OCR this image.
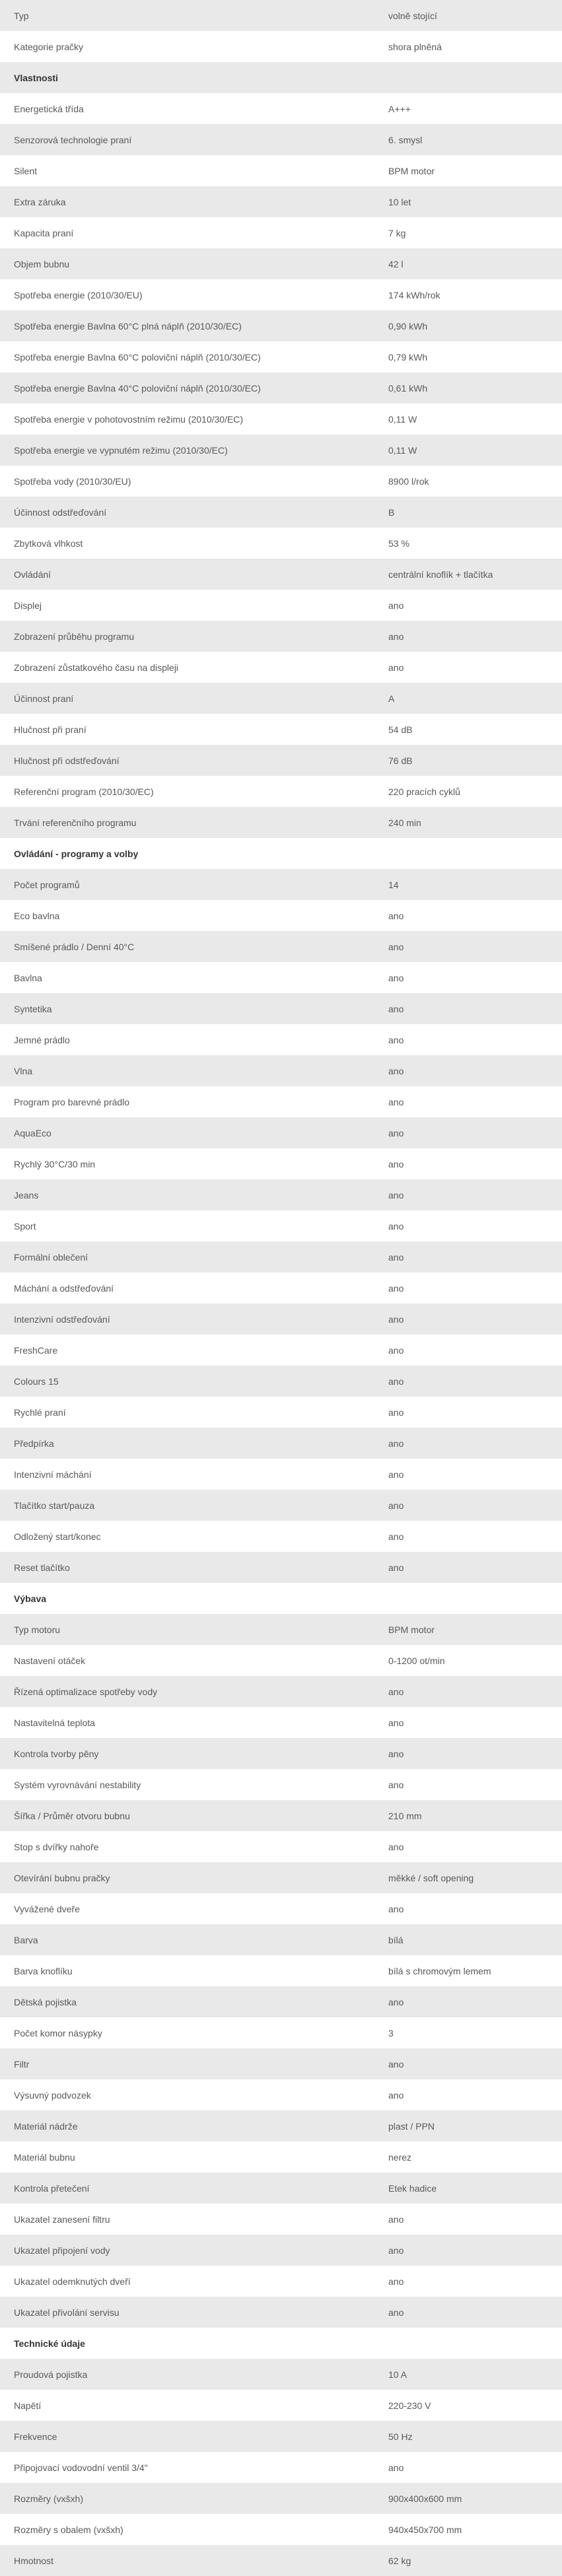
Typ	volně stojící
Kategorie pračky	shora plněná
Vlastnosti	
Energetická třída	A+++
Senzorová technologie praní	6. smysl
Silent	BPM motor
Extra záruka	10 let
Kapacita praní	7 kg
Objem bubnu	42 l
Spotřeba energie (2010/30/EU)	174 kWh/rok
Spotřeba energie Bavlna 60°C plná náplň (2010/30/EC)	0,90 kWh
Spotřeba energie Bavlna 60°C poloviční náplň (2010/30/EC)	0,79 kWh
Spotřeba energie Bavlna 40°C poloviční náplň (2010/30/EC)	0,61 kWh
Spotřeba energie v pohotovostním režimu (2010/30/EC)	0,11 W
Spotřeba energie ve vypnutém režimu (2010/30/EC)	0,11 W
Spotřeba vody (2010/30/EU)	8900 l/rok
Účinnost odstřeďování	B
Zbytková vlhkost	53 %
Ovládání	centrální knoflík + tlačítka
Displej	ano
Zobrazení průběhu programu	ano
Zobrazení zůstatkového času na displeji	ano
Účinnost praní	A
Hlučnost při praní	54 dB
Hlučnost při odstřeďování	76 dB
Referenční program (2010/30/EC)	220 pracích cyklů
Trvání referenčního programu	240 min
Ovládání - programy a volby	
Počet programů	14
Eco bavlna	ano
Smíšené prádlo / Denní 40°C	ano
Bavlna	ano
Syntetika	ano
Jemné prádlo	ano
Vlna	ano
Program pro barevné prádlo	ano
AquaEco	ano
Rychlý 30°C/30 min	ano
Jeans	ano
Sport	ano
Formální oblečení	ano
Máchání a odstřeďování	ano
Intenzivní odstřeďování	ano
FreshCare	ano
Colours 15	ano
Rychlé praní	ano
Předpírka	ano
Intenzivní máchání	ano
Tlačítko start/pauza	ano
Odložený start/konec	ano
Reset tlačítko	ano
Výbava	
Typ motoru	BPM motor
Nastavení otáček	0-1200 ot/min
Řízená optimalizace spotřeby vody	ano
Nastavitelná teplota	ano
Kontrola tvorby pěny	ano
Systém vyrovnávání nestability	ano
Šířka / Průměr otvoru bubnu	210 mm
Stop s dvířky nahoře	ano
Otevírání bubnu pračky	měkké / soft opening
Vyvážené dveře	ano
Barva	bílá
Barva knoflíku	bílá s chromovým lemem
Dětská pojistka	ano
Počet komor násypky	3
Filtr	ano
Výsuvný podvozek	ano
Materiál nádrže	plast / PPN
Materiál bubnu	nerez
Kontrola přetečení	Etek hadice
Ukazatel zanesení filtru	ano
Ukazatel připojení vody	ano
Ukazatel odemknutých dveří	ano
Ukazatel přivolání servisu	ano
Technické údaje	
Proudová pojistka	10 A
Napětí	220-230 V
Frekvence	50 Hz
Připojovací vodovodní ventil 3/4"	ano
Rozměry (vxšxh)	900x400x600 mm
Rozměry s obalem (vxšxh)	940x450x700 mm
Hmotnost	62 kg
